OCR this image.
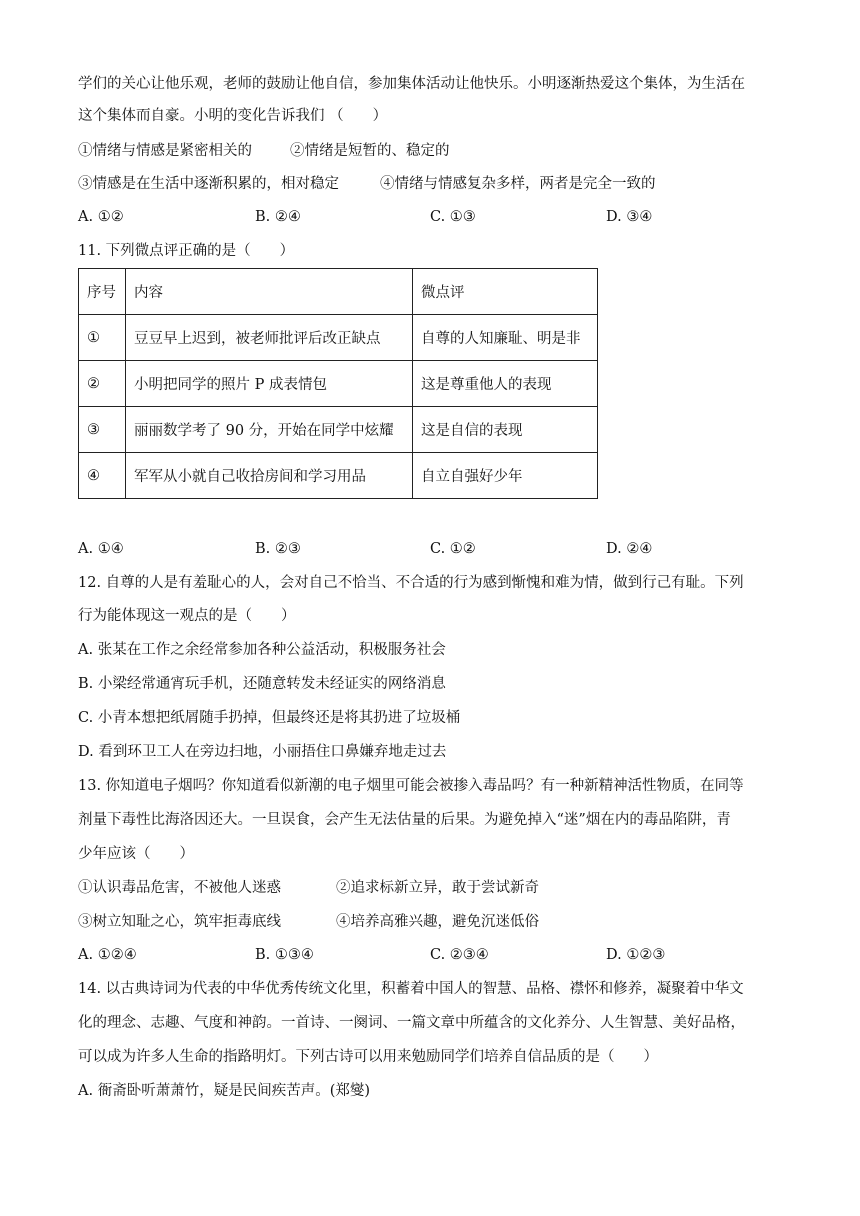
学们的关心让他乐观，老师的鼓励让他自信，参加集体活动让他快乐。小明逐渐热爱这个集体，为生活在
这个集体而自豪。小明的变化告诉我们 （　　）
①情绪与情感是紧密相关的	②情绪是短暂的、稳定的
③情感是在生活中逐渐积累的，相对稳定	④情绪与情感复杂多样，两者是完全一致的
A. ①②	B. ②④	C. ①③	D. ③④
11. 下列微点评正确的是（　　）
序号	内容	微点评
①	豆豆早上迟到，被老师批评后改正缺点	自尊的人知廉耻、明是非
②	小明把同学的照片 P 成表情包	这是尊重他人的表现
③	丽丽数学考了 90 分，开始在同学中炫耀	这是自信的表现
④	军军从小就自己收拾房间和学习用品	自立自强好少年
A. ①④	B. ②③	C. ①②	D. ②④
12. 自尊的人是有羞耻心的人，会对自己不恰当、不合适的行为感到惭愧和难为情，做到行己有耻。下列
行为能体现这一观点的是（　　）
A. 张某在工作之余经常参加各种公益活动，积极服务社会
B. 小梁经常通宵玩手机，还随意转发未经证实的网络消息
C. 小青本想把纸屑随手扔掉，但最终还是将其扔进了垃圾桶
D. 看到环卫工人在旁边扫地，小丽捂住口鼻嫌弃地走过去
13. 你知道电子烟吗？你知道看似新潮的电子烟里可能会被掺入毒品吗？有一种新精神活性物质，在同等
剂量下毒性比海洛因还大。一旦误食，会产生无法估量的后果。为避免掉入“迷”烟在内的毒品陷阱，青
少年应该（　　）
①认识毒品危害，不被他人迷惑	②追求标新立异，敢于尝试新奇
③树立知耻之心，筑牢拒毒底线	④培养高雅兴趣，避免沉迷低俗
A. ①②④	B. ①③④	C. ②③④	D. ①②③
14. 以古典诗词为代表的中华优秀传统文化里，积蓄着中国人的智慧、品格、襟怀和修养，凝聚着中华文
化的理念、志趣、气度和神韵。一首诗、一阕词、一篇文章中所蕴含的文化养分、人生智慧、美好品格，
可以成为许多人生命的指路明灯。下列古诗可以用来勉励同学们培养自信品质的是（　　）
A. 衙斋卧听萧萧竹，疑是民间疾苦声。(郑燮)
